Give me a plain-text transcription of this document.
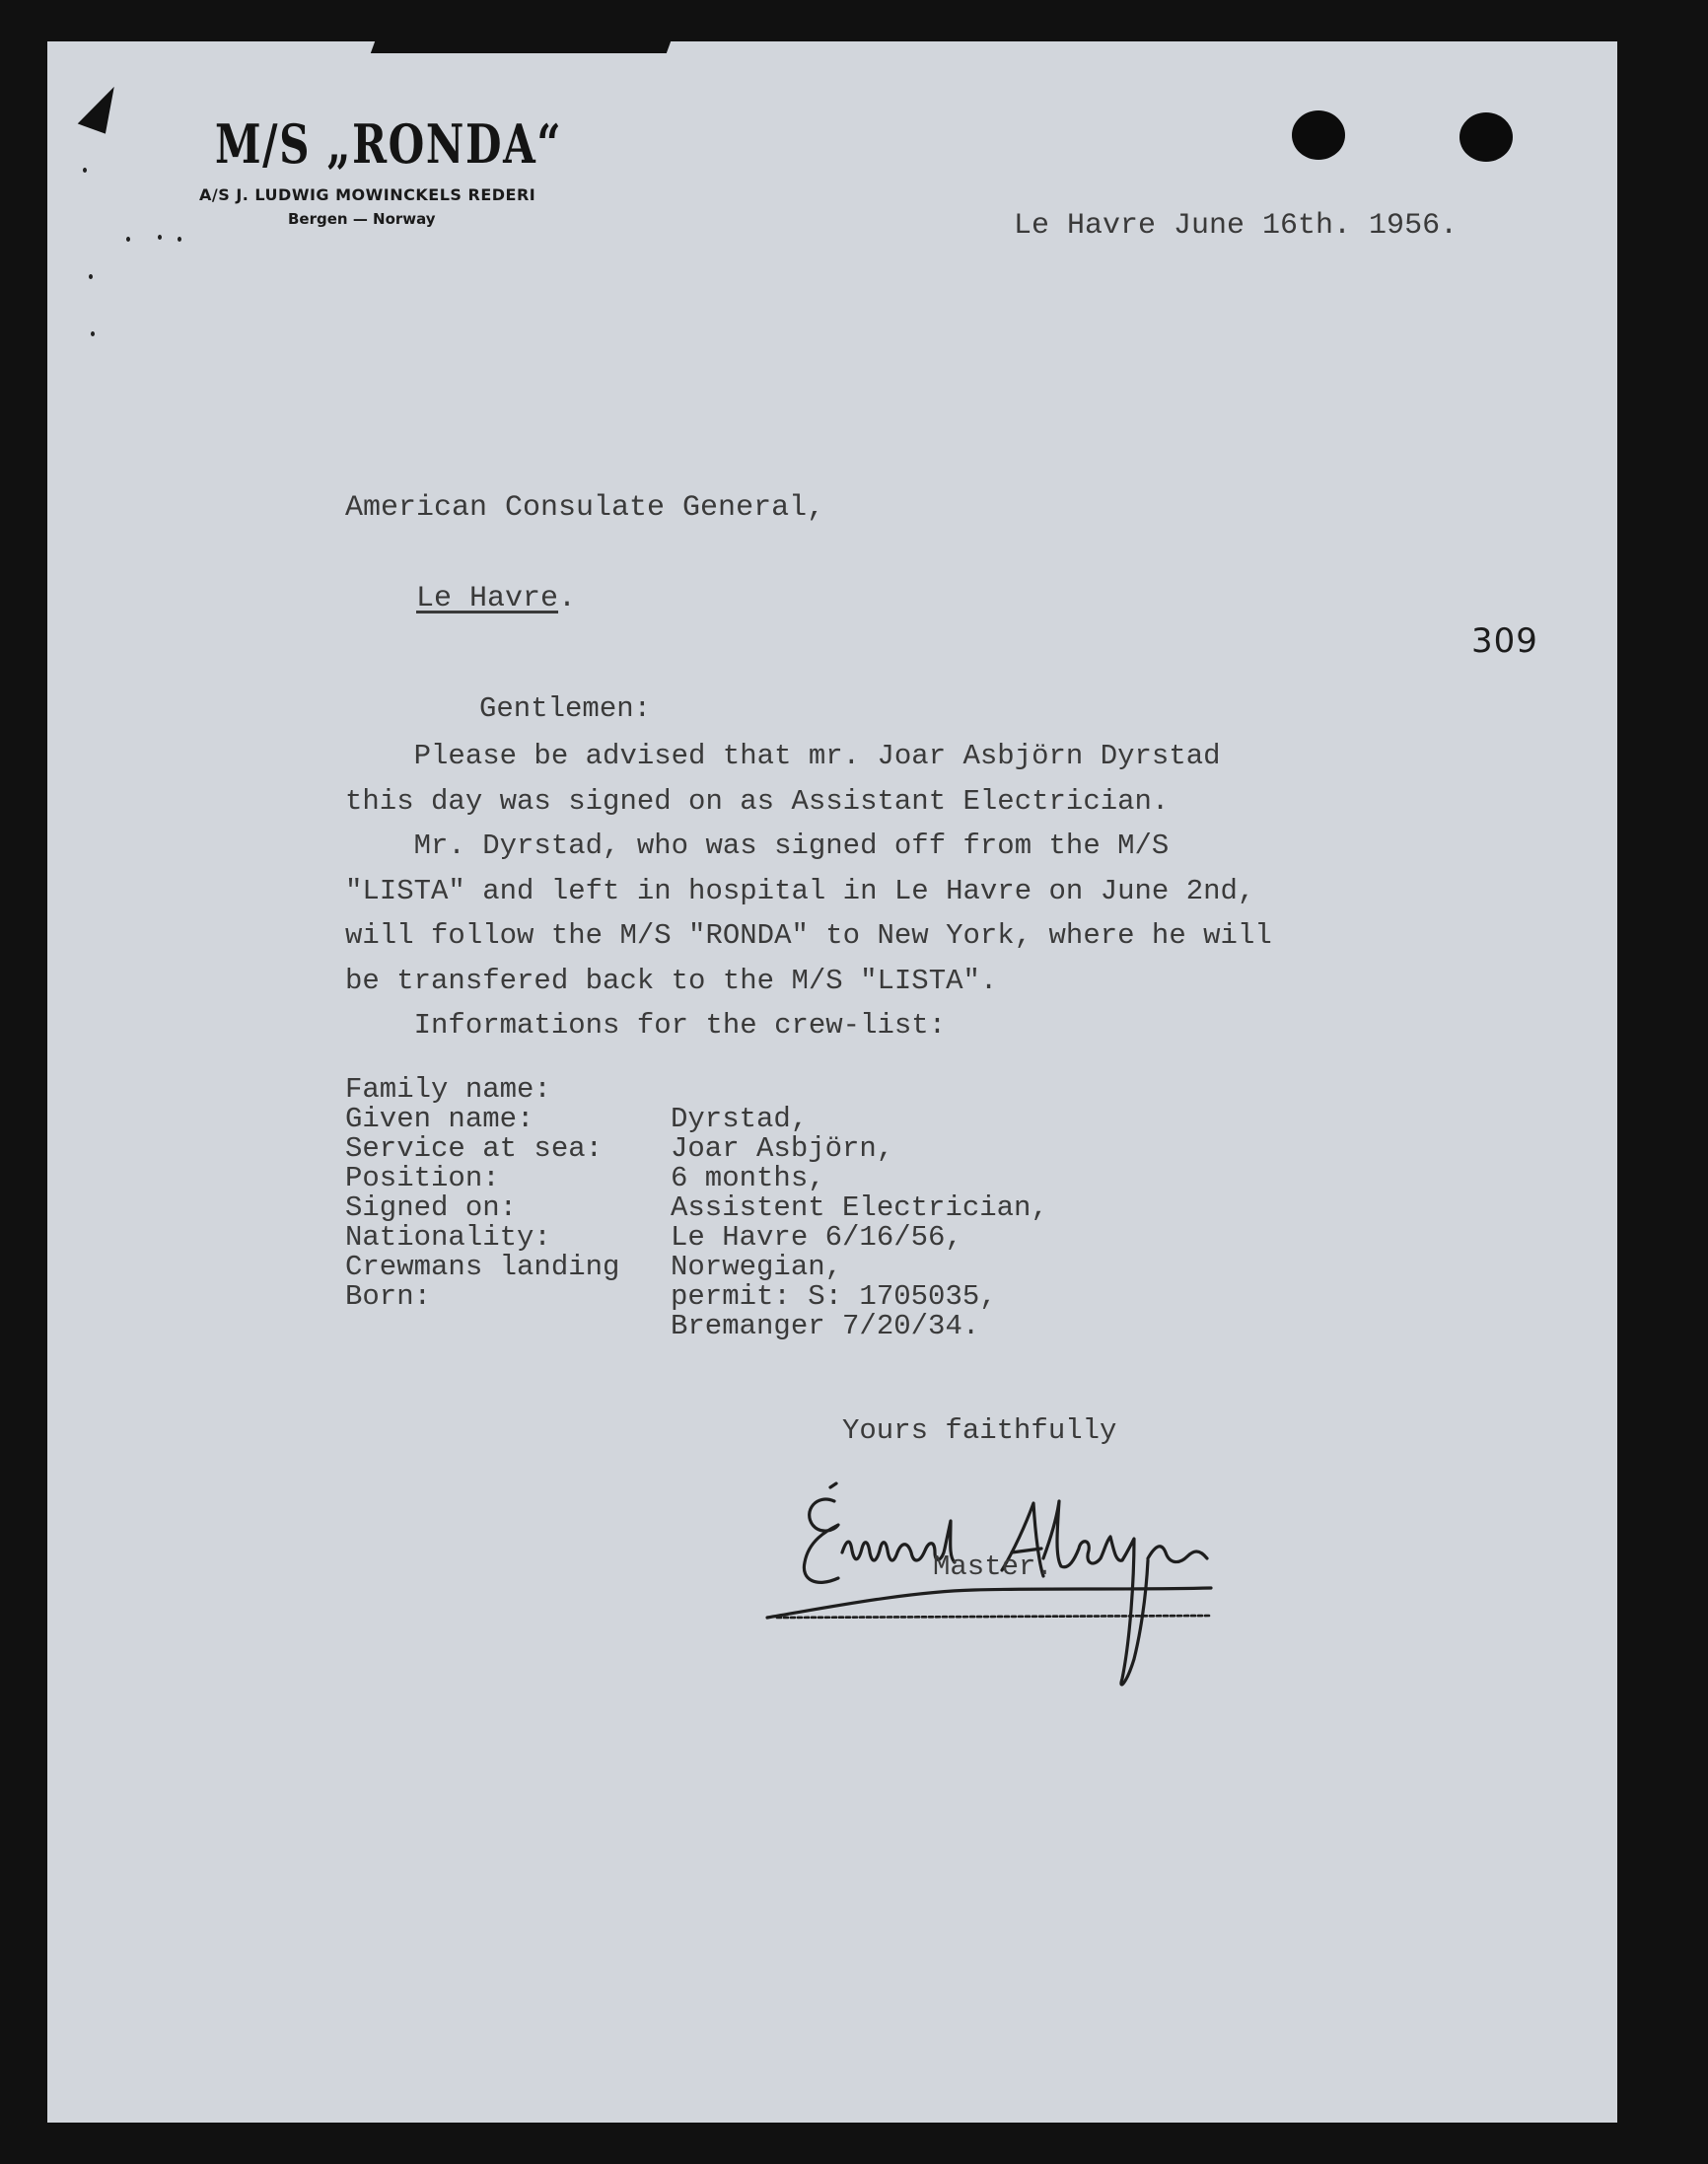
M/S „RONDA“
A/S J. LUDWIG MOWINCKELS REDERI
Bergen — Norway	Le Havre June 16th. 1956.
American Consulate General,

Le Havre.

309
Gentlemen:
Please be advised that mr. Joar Asbjörn Dyrstad
this day was signed on as Assistant Electrician.
Mr. Dyrstad, who was signed off from the M/S
"LISTA" and left in hospital in Le Havre on June 2nd,
will follow the M/S "RONDA" to New York, where he will
be transfered back to the M/S "LISTA".
Informations for the crew-list:

Family name:

Dyrstad,

Given name:

Joar Asbjörn,

Service at sea:

6 months,

Position:

Assistent Electrician,

Signed on:

Le Havre 6/16/56,

Nationality:

Norwegian,

Crewmans landing

permit: S: 1705035,

Born:

Bremanger 7/20/34.

Yours faithfully
Master.
